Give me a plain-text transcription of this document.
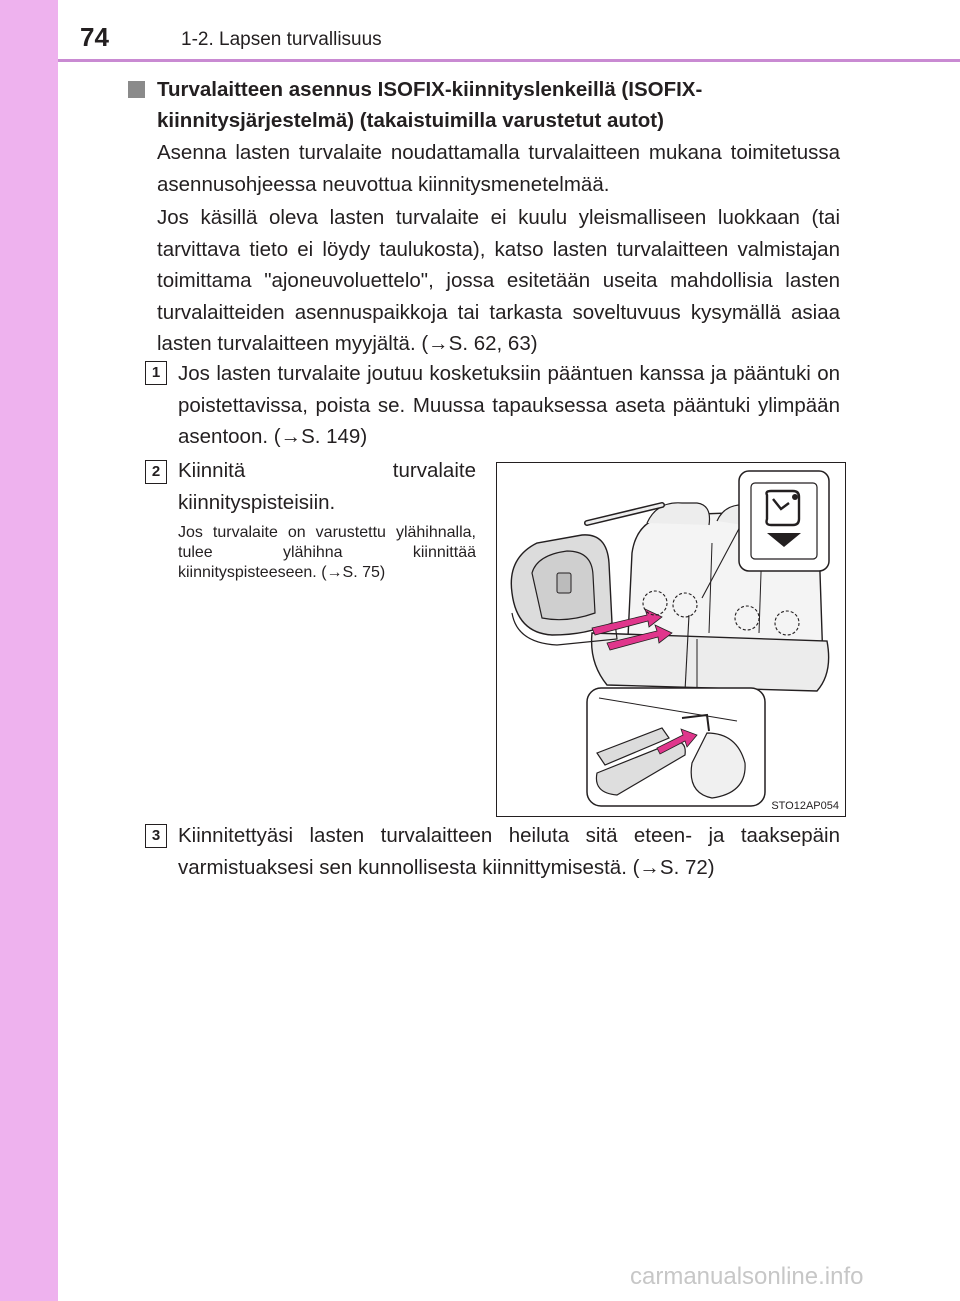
74	1-2. Lapsen turvallisuus
Turvalaitteen asennus ISOFIX-kiinnityslenkeillä (ISOFIX-kiinnitysjärjestelmä) (takaistuimilla varustetut autot)
Asenna lasten turvalaite noudattamalla turvalaitteen mukana toimitetussa asennusohjeessa neuvottua kiinnitysmenetelmää.
Jos käsillä oleva lasten turvalaite ei kuulu yleismalliseen luokkaan (tai tarvittava tieto ei löydy taulukosta), katso lasten turvalaitteen valmistajan toimittama "ajoneuvoluettelo", jossa esitetään useita mahdollisia lasten turvalaitteiden asennuspaikkoja tai tarkasta soveltuvuus kysymällä asiaa lasten turvalaitteen myyjältä. (→S. 62, 63)
1 Jos lasten turvalaite joutuu kosketuksiin pääntuen kanssa ja pääntuki on poistettavissa, poista se. Muussa tapauksessa aseta pääntuki ylimpään asentoon. (→S. 149)
2 Kiinnitä turvalaite kiinnityspisteisiin.
Jos turvalaite on varustettu ylähihnalla, tulee ylähihna kiinnittää kiinnityspisteeseen. (→S. 75)
STO12AP054
3 Kiinnitettyäsi lasten turvalaitteen heiluta sitä eteen- ja taaksepäin varmistuaksesi sen kunnollisesta kiinnittymisestä. (→S. 72)
carmanualsonline.info
